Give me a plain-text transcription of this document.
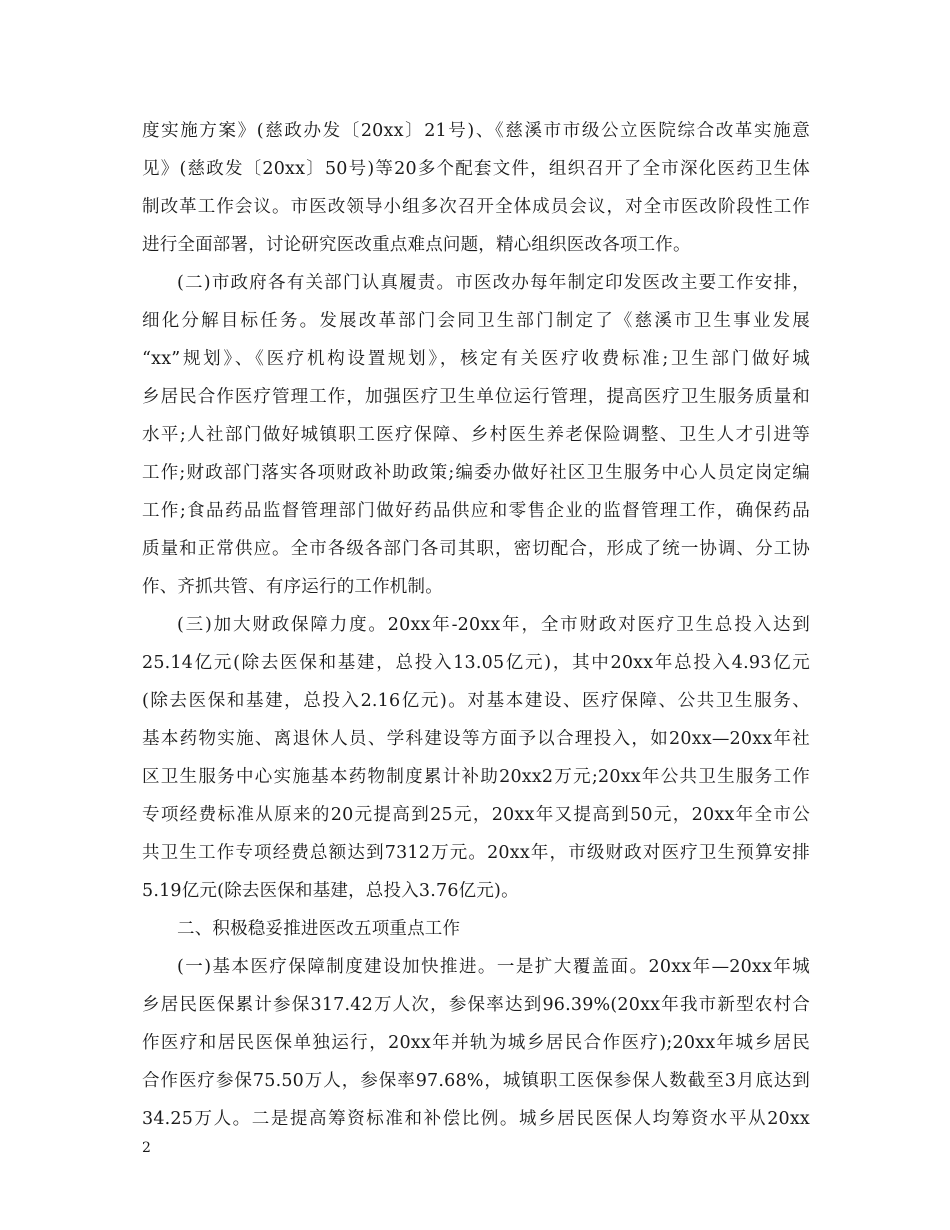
度实施方案》(慈政办发〔20xx〕21号)、《慈溪市市级公立医院综合改革实施意
见》(慈政发〔20xx〕50号)等20多个配套文件，组织召开了全市深化医药卫生体
制改革工作会议。市医改领导小组多次召开全体成员会议，对全市医改阶段性工作
进行全面部署，讨论研究医改重点难点问题，精心组织医改各项工作。
(二)市政府各有关部门认真履责。市医改办每年制定印发医改主要工作安排，
细化分解目标任务。发展改革部门会同卫生部门制定了《慈溪市卫生事业发展
“xx”规划》、《医疗机构设置规划》，核定有关医疗收费标准;卫生部门做好城
乡居民合作医疗管理工作，加强医疗卫生单位运行管理，提高医疗卫生服务质量和
水平;人社部门做好城镇职工医疗保障、乡村医生养老保险调整、卫生人才引进等
工作;财政部门落实各项财政补助政策;编委办做好社区卫生服务中心人员定岗定编
工作;食品药品监督管理部门做好药品供应和零售企业的监督管理工作，确保药品
质量和正常供应。全市各级各部门各司其职，密切配合，形成了统一协调、分工协
作、齐抓共管、有序运行的工作机制。
(三)加大财政保障力度。20xx年-20xx年，全市财政对医疗卫生总投入达到
25.14亿元(除去医保和基建，总投入13.05亿元)，其中20xx年总投入4.93亿元
(除去医保和基建，总投入2.16亿元)。对基本建设、医疗保障、公共卫生服务、
基本药物实施、离退休人员、学科建设等方面予以合理投入，如20xx—20xx年社
区卫生服务中心实施基本药物制度累计补助20xx2万元;20xx年公共卫生服务工作
专项经费标准从原来的20元提高到25元，20xx年又提高到50元，20xx年全市公
共卫生工作专项经费总额达到7312万元。20xx年，市级财政对医疗卫生预算安排
5.19亿元(除去医保和基建，总投入3.76亿元)。
二、积极稳妥推进医改五项重点工作
(一)基本医疗保障制度建设加快推进。一是扩大覆盖面。20xx年—20xx年城
乡居民医保累计参保317.42万人次，参保率达到96.39%(20xx年我市新型农村合
作医疗和居民医保单独运行，20xx年并轨为城乡居民合作医疗);20xx年城乡居民
合作医疗参保75.50万人，参保率97.68%，城镇职工医保参保人数截至3月底达到
34.25万人。二是提高筹资标准和补偿比例。城乡居民医保人均筹资水平从20xx
2
